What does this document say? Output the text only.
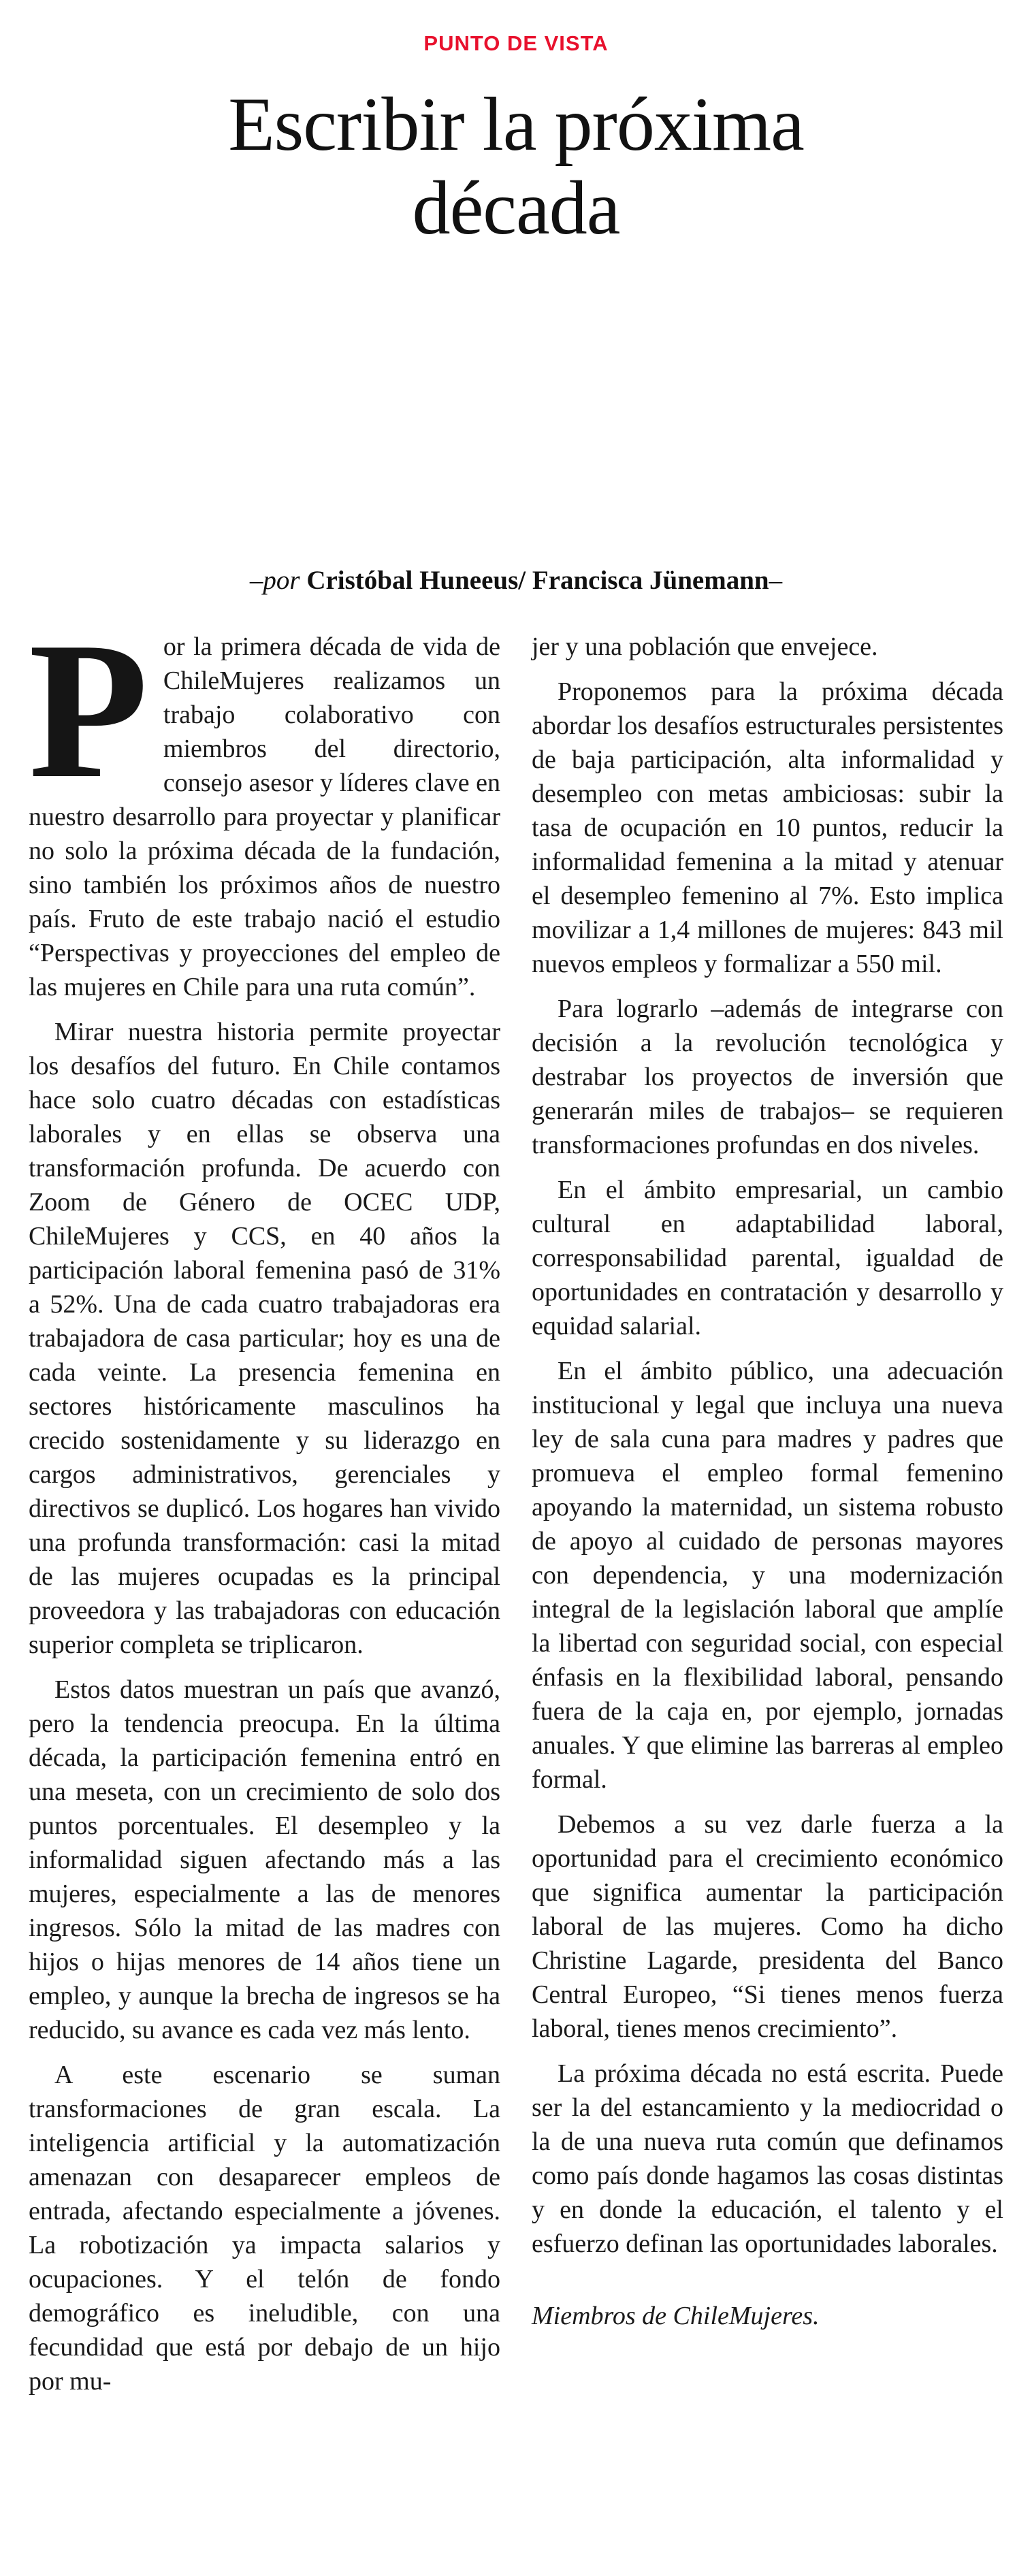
PUNTO DE VISTA
Escribir la próxima
década
–por Cristóbal Huneeus/ Francisca Jünemann–

Por la primera década de vida de ChileMujeres realizamos un trabajo colaborativo con miembros del directorio, consejo asesor y líderes clave en nuestro desarrollo para proyectar y planificar no solo la próxima década de la fundación, sino también los próximos años de nuestro país. Fruto de este trabajo nació el estudio “Perspectivas y proyecciones del empleo de las mujeres en Chile para una ruta común”.

Mirar nuestra historia permite proyectar los desafíos del futuro. En Chile contamos hace solo cuatro décadas con estadísticas laborales y en ellas se observa una transformación profunda. De acuerdo con Zoom de Género de OCEC UDP, ChileMujeres y CCS, en 40 años la participación laboral femenina pasó de 31% a 52%. Una de cada cuatro trabajadoras era trabajadora de casa particular; hoy es una de cada veinte. La presencia femenina en sectores históricamente masculinos ha crecido sostenidamente y su liderazgo en cargos administrativos, gerenciales y directivos se duplicó. Los hogares han vivido una profunda transformación: casi la mitad de las mujeres ocupadas es la principal proveedora y las trabajadoras con educación superior completa se triplicaron.

Estos datos muestran un país que avanzó, pero la tendencia preocupa. En la última década, la participación femenina entró en una meseta, con un crecimiento de solo dos puntos porcentuales. El desempleo y la informalidad siguen afectando más a las mujeres, especialmente a las de menores ingresos. Sólo la mitad de las madres con hijos o hijas menores de 14 años tiene un empleo, y aunque la brecha de ingresos se ha reducido, su avance es cada vez más lento.

A este escenario se suman transformaciones de gran escala. La inteligencia artificial y la automatización amenazan con desaparecer empleos de entrada, afectando especialmente a jóvenes. La robotización ya impacta salarios y ocupaciones. Y el telón de fondo demográfico es ineludible, con una fecundidad que está por debajo de un hijo por mu-

jer y una población que envejece.

Proponemos para la próxima década abordar los desafíos estructurales persistentes de baja participación, alta informalidad y desempleo con metas ambiciosas: subir la tasa de ocupación en 10 puntos, reducir la informalidad femenina a la mitad y atenuar el desempleo femenino al 7%. Esto implica movilizar a 1,4 millones de mujeres: 843 mil nuevos empleos y formalizar a 550 mil.

Para lograrlo –además de integrarse con decisión a la revolución tecnológica y destrabar los proyectos de inversión que generarán miles de trabajos– se requieren transformaciones profundas en dos niveles.

En el ámbito empresarial, un cambio cultural en adaptabilidad laboral, corresponsabilidad parental, igualdad de oportunidades en contratación y desarrollo y equidad salarial.

En el ámbito público, una adecuación institucional y legal que incluya una nueva ley de sala cuna para madres y padres que promueva el empleo formal femenino apoyando la maternidad, un sistema robusto de apoyo al cuidado de personas mayores con dependencia, y una modernización integral de la legislación laboral que amplíe la libertad con seguridad social, con especial énfasis en la flexibilidad laboral, pensando fuera de la caja en, por ejemplo, jornadas anuales. Y que elimine las barreras al empleo formal.

Debemos a su vez darle fuerza a la oportunidad para el crecimiento económico que significa aumentar la participación laboral de las mujeres. Como ha dicho Christine Lagarde, presidenta del Banco Central Europeo, “Si tienes menos fuerza laboral, tienes menos crecimiento”.

La próxima década no está escrita. Puede ser la del estancamiento y la mediocridad o la de una nueva ruta común que definamos como país donde hagamos las cosas distintas y en donde la educación, el talento y el esfuerzo definan las oportunidades laborales.

Miembros de ChileMujeres.
